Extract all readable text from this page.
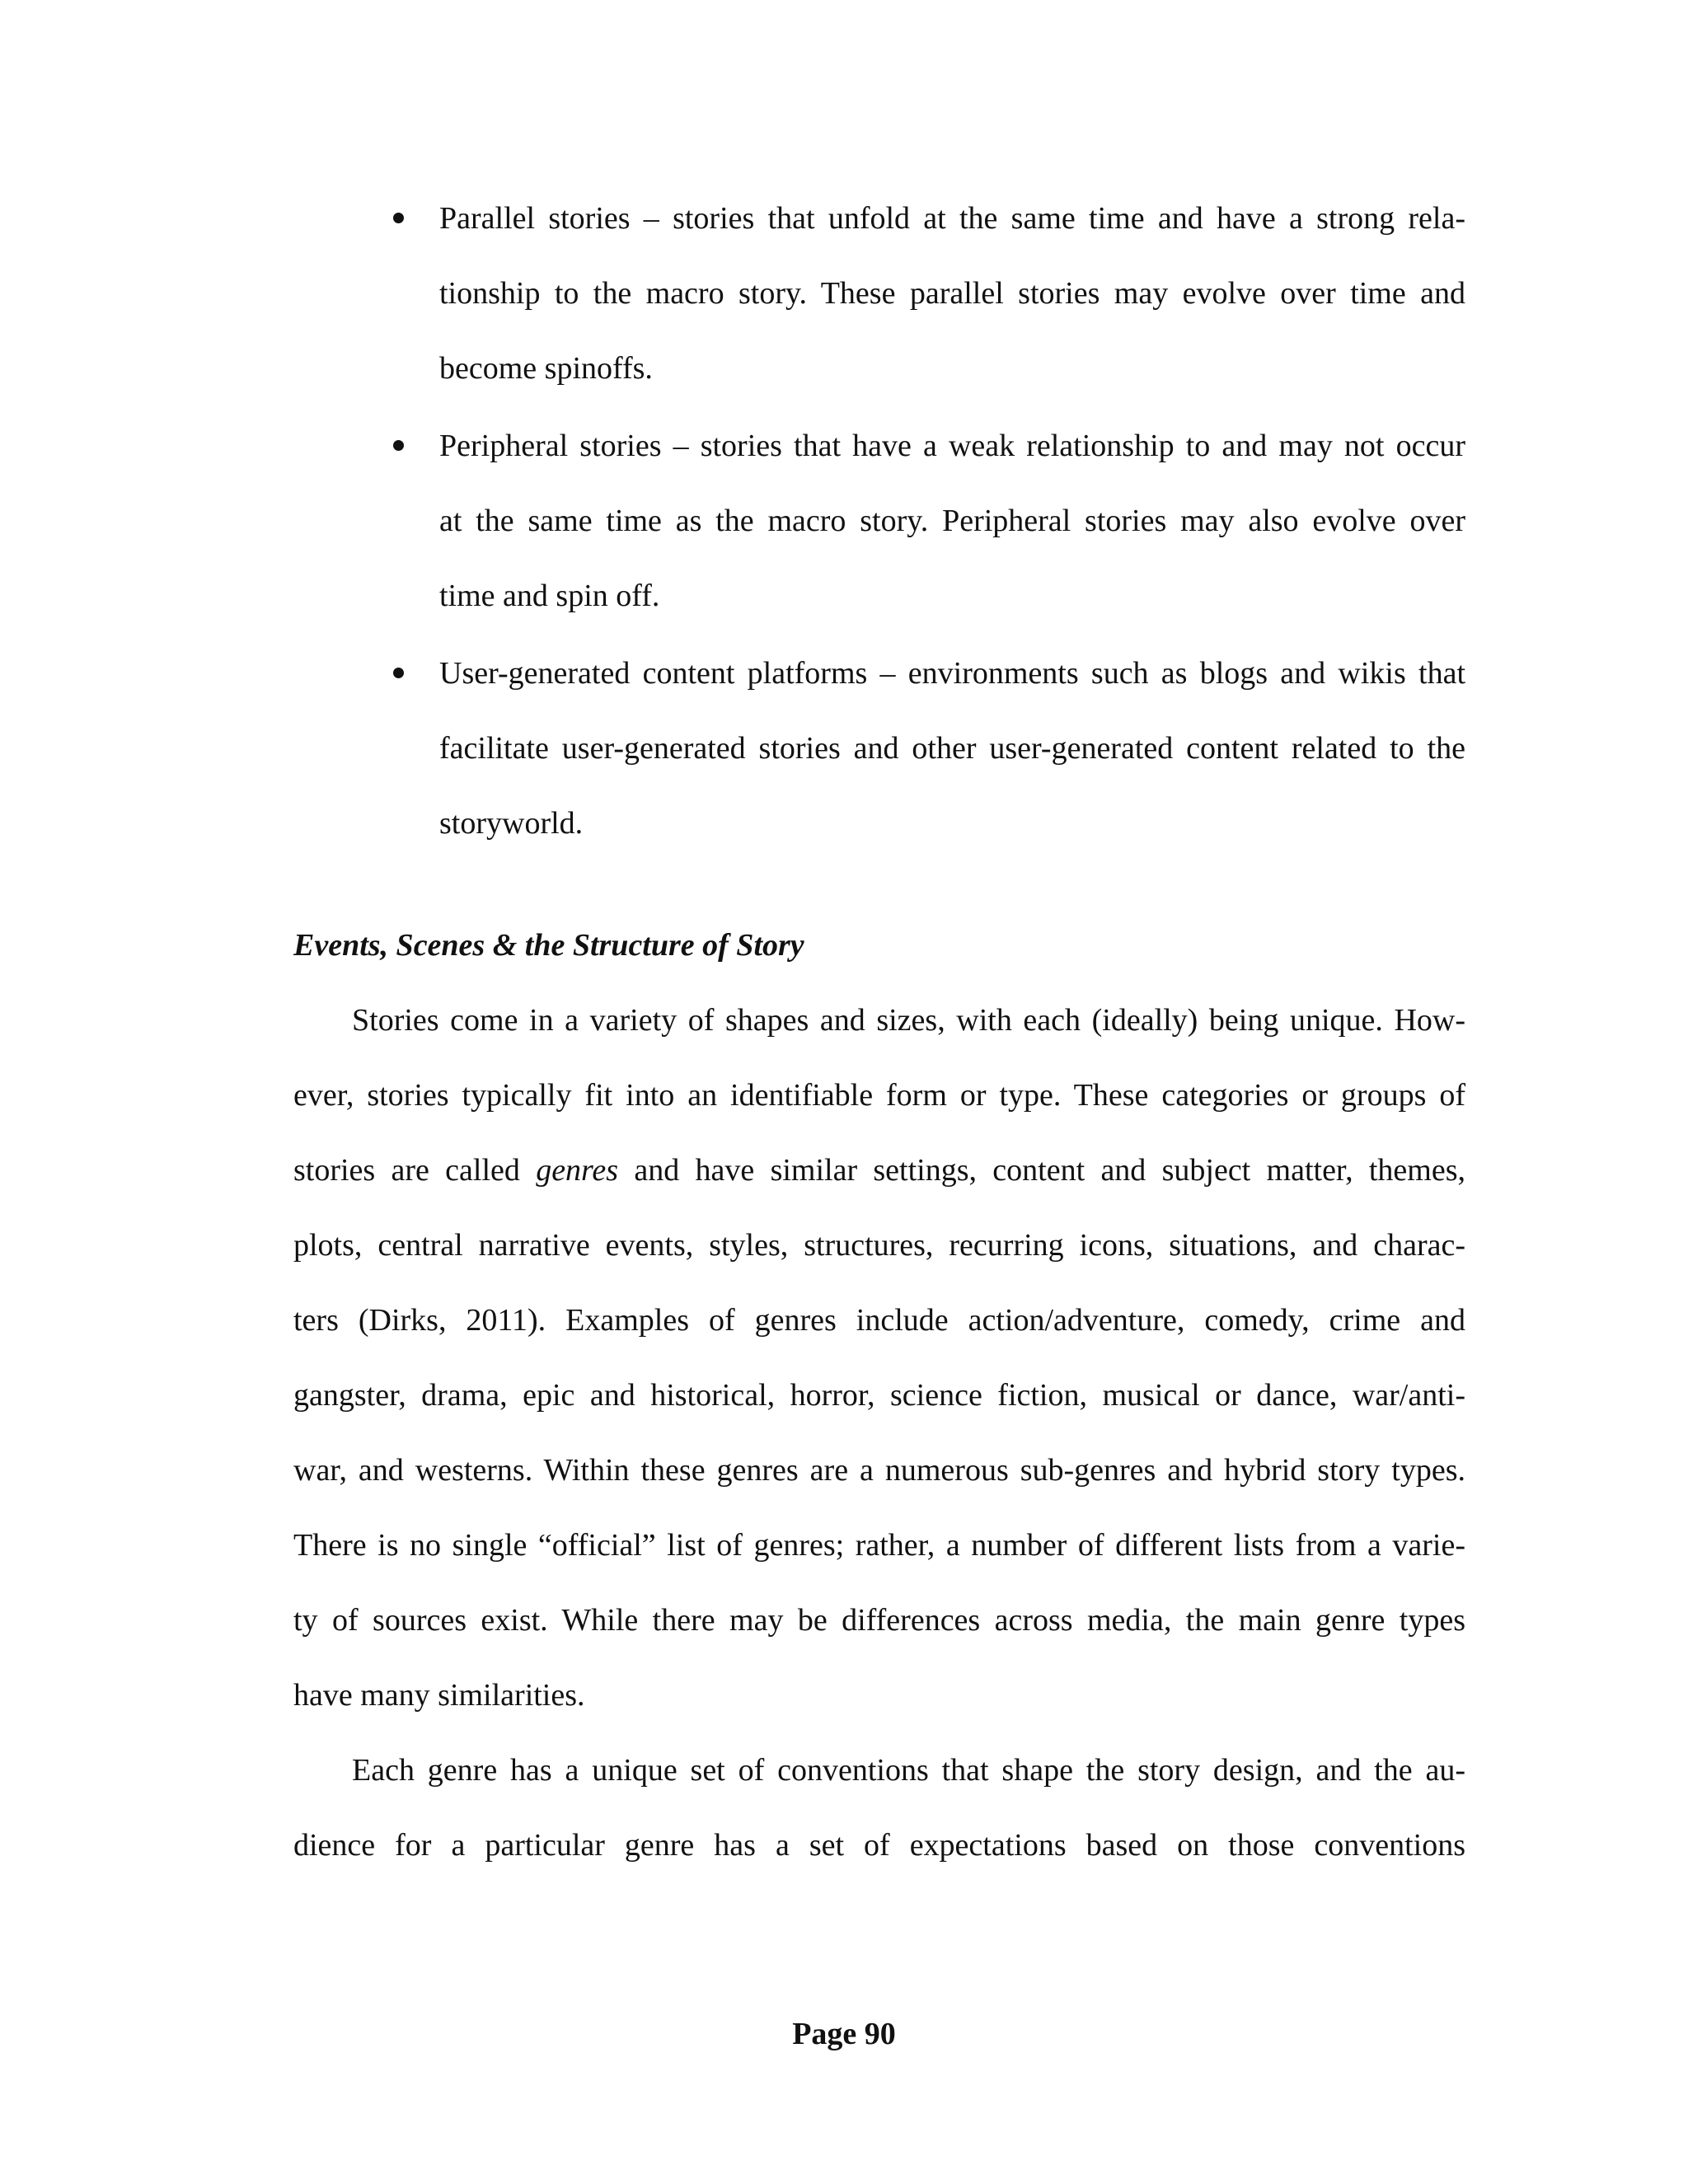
Parallel stories – stories that unfold at the same time and have a strong rela-
tionship to the macro story. These parallel stories may evolve over time and
become spinoffs.
Peripheral stories – stories that have a weak relationship to and may not occur
at the same time as the macro story. Peripheral stories may also evolve over
time and spin off.
User-generated content platforms – environments such as blogs and wikis that
facilitate user-generated stories and other user-generated content related to the
storyworld.
Events, Scenes & the Structure of Story
Stories come in a variety of shapes and sizes, with each (ideally) being unique. How-
ever, stories typically fit into an identifiable form or type. These categories or groups of
stories are called genres and have similar settings, content and subject matter, themes,
plots, central narrative events, styles, structures, recurring icons, situations, and charac-
ters (Dirks, 2011). Examples of genres include action/adventure, comedy, crime and
gangster, drama, epic and historical, horror, science fiction, musical or dance, war/anti-
war, and westerns. Within these genres are a numerous sub-genres and hybrid story types.
There is no single “official” list of genres; rather, a number of different lists from a varie-
ty of sources exist. While there may be differences across media, the main genre types
have many similarities.
Each genre has a unique set of conventions that shape the story design, and the au-
dience for a particular genre has a set of expectations based on those conventions
Page 90
